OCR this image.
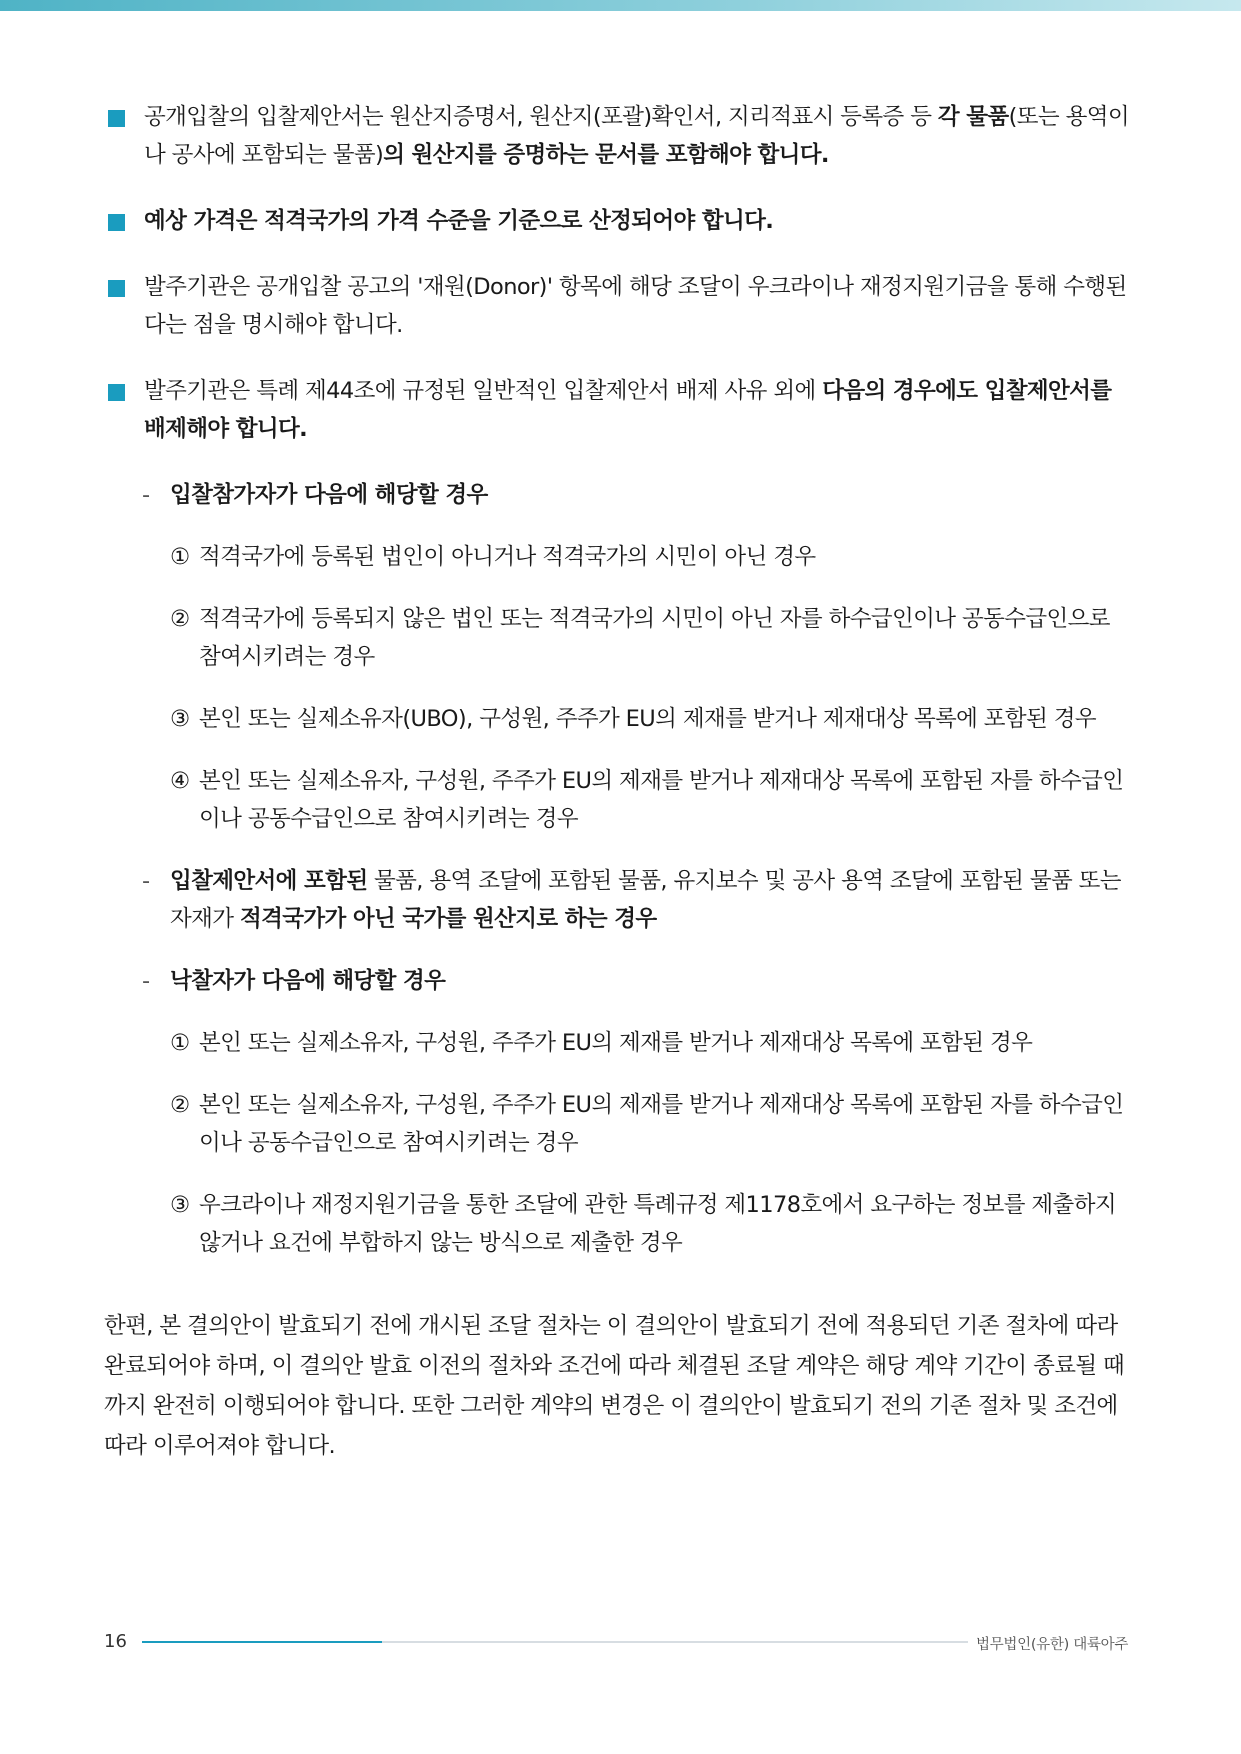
공개입찰의 입찰제안서는 원산지증명서, 원산지(포괄)확인서, 지리적표시 등록증 등 각 물품(또는 용역이나 공사에 포함되는 물품)의 원산지를 증명하는 문서를 포함해야 합니다.
예상 가격은 적격국가의 가격 수준을 기준으로 산정되어야 합니다.
발주기관은 공개입찰 공고의 '재원(Donor)' 항목에 해당 조달이 우크라이나 재정지원기금을 통해 수행된다는 점을 명시해야 합니다.
발주기관은 특례 제44조에 규정된 일반적인 입찰제안서 배제 사유 외에 다음의 경우에도 입찰제안서를 배제해야 합니다.
- 입찰참가자가 다음에 해당할 경우
① 적격국가에 등록된 법인이 아니거나 적격국가의 시민이 아닌 경우
② 적격국가에 등록되지 않은 법인 또는 적격국가의 시민이 아닌 자를 하수급인이나 공동수급인으로 참여시키려는 경우
③ 본인 또는 실제소유자(UBO), 구성원, 주주가 EU의 제재를 받거나 제재대상 목록에 포함된 경우
④ 본인 또는 실제소유자, 구성원, 주주가 EU의 제재를 받거나 제재대상 목록에 포함된 자를 하수급인이나 공동수급인으로 참여시키려는 경우
- 입찰제안서에 포함된 물품, 용역 조달에 포함된 물품, 유지보수 및 공사 용역 조달에 포함된 물품 또는 자재가 적격국가가 아닌 국가를 원산지로 하는 경우
- 낙찰자가 다음에 해당할 경우
① 본인 또는 실제소유자, 구성원, 주주가 EU의 제재를 받거나 제재대상 목록에 포함된 경우
② 본인 또는 실제소유자, 구성원, 주주가 EU의 제재를 받거나 제재대상 목록에 포함된 자를 하수급인이나 공동수급인으로 참여시키려는 경우
③ 우크라이나 재정지원기금을 통한 조달에 관한 특례규정 제1178호에서 요구하는 정보를 제출하지 않거나 요건에 부합하지 않는 방식으로 제출한 경우

한편, 본 결의안이 발효되기 전에 개시된 조달 절차는 이 결의안이 발효되기 전에 적용되던 기존 절차에 따라 완료되어야 하며, 이 결의안 발효 이전의 절차와 조건에 따라 체결된 조달 계약은 해당 계약 기간이 종료될 때까지 완전히 이행되어야 합니다. 또한 그러한 계약의 변경은 이 결의안이 발효되기 전의 기존 절차 및 조건에 따라 이루어져야 합니다.

16	법무법인(유한) 대륙아주
